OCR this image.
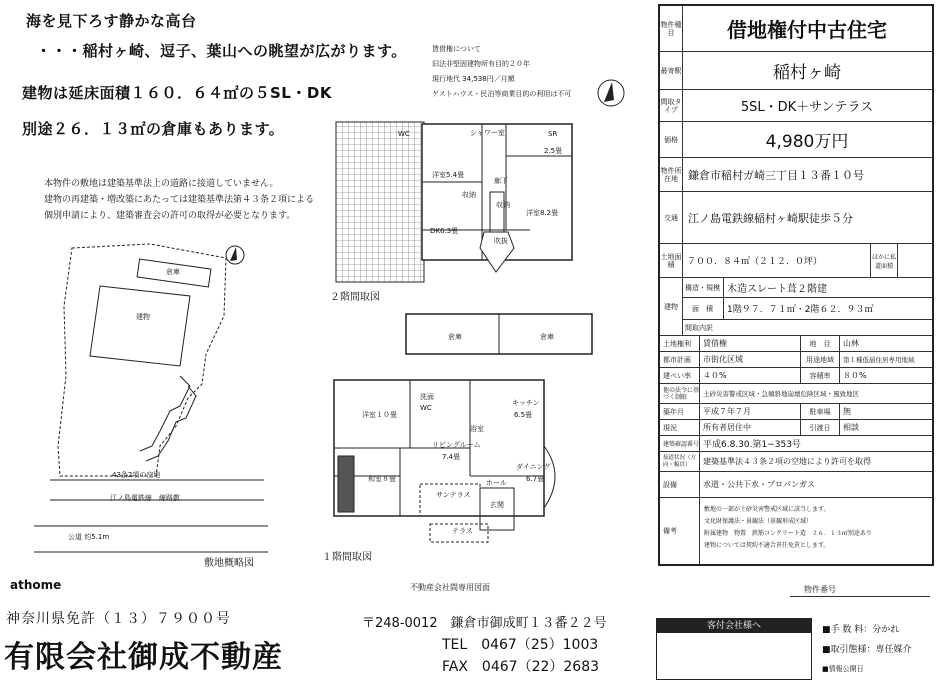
海を見下ろす静かな高台
・・・稲村ヶ崎、逗子、葉山への眺望が広がります。
建物は延床面積１６０．６４㎡の５SL・DK
別途２６．１３㎡の倉庫もあります。
賃借権について
旧法非堅固建物所有目的２０年
現行地代 34,538円／月額
ゲストハウス・民泊等商業目的の利用は不可
本物件の敷地は建築基準法上の道路に接道していません。
建物の再建築・増改築にあたっては建築基準法第４３条２項による
個別申請により、建築審査会の許可の取得が必要となります。
倉庫
建物
43条2項の空地
江ノ島電鉄線　線路敷
公道 約5.1m
敷地概略図
WC	シャワー室	SR
2.5畳
洋室5.4畳
廊下
収納
収納
洋室8.2畳
DK6.3畳
吹抜
２階間取図
倉庫	倉庫
洋室１０畳
キッチン
6.5畳
浴室
洗面
WC
リビングルーム
7.4畳
和室８畳
ダイニング
6.7畳
ホール
サンテラス
玄関
テラス
１階間取図
物件種目	借地権付中古住宅
最寄駅	稲村ヶ崎
間取タイプ	5SL・DK＋サンテラス
価格	4,980万円
物件所在地 鎌倉市稲村ガ崎三丁目１３番１０号
交通 江ノ島電鉄線稲村ヶ崎駅徒歩５分
土地面積	７００．８４㎡（２１２．０坪）	ほかに私道面積
建物
構造・規模 木造スレート葺２階建
面　積	1階９７．７１㎡・2階６２．９３㎡
間取内訳
土地権利	賃借権	地　目	山林
都市計画	市街化区域	用途地域	第１種低層住居専用地域
建ぺい率	４０%	容積率	８０%
他の法令に基づく制限	土砂災害警戒区域・急傾斜地崩壊危険区域・風致地区
築年月	平成７年７月	駐車場	無
現況	所有者居住中	引渡日	相談
建築確認番号 平成6.8.30.第1−353号
接道状況（方向・幅員）	建築基準法４３条２項の空地により許可を取得
設備	水道・公共下水・プロパンガス
備考
敷地の一部が土砂災害警戒区域に該当します。
文化財保護法・景観法（景観形成区域）
附属建物　物置　鉄筋コンクリート造　２６．１３㎡別途あり
建物については契約不適合責任免責とします。
athome	不動産会社間専用図面	物件番号
神奈川県免許（１３）７９００号
有限会社御成不動産
〒248-0012　鎌倉市御成町１３番２２号
TEL　0467（25）1003
FAX　0467（22）2683
客付会社様へ	■手 数 料：分かれ
■取引態様：専任媒介
■情報公開日
